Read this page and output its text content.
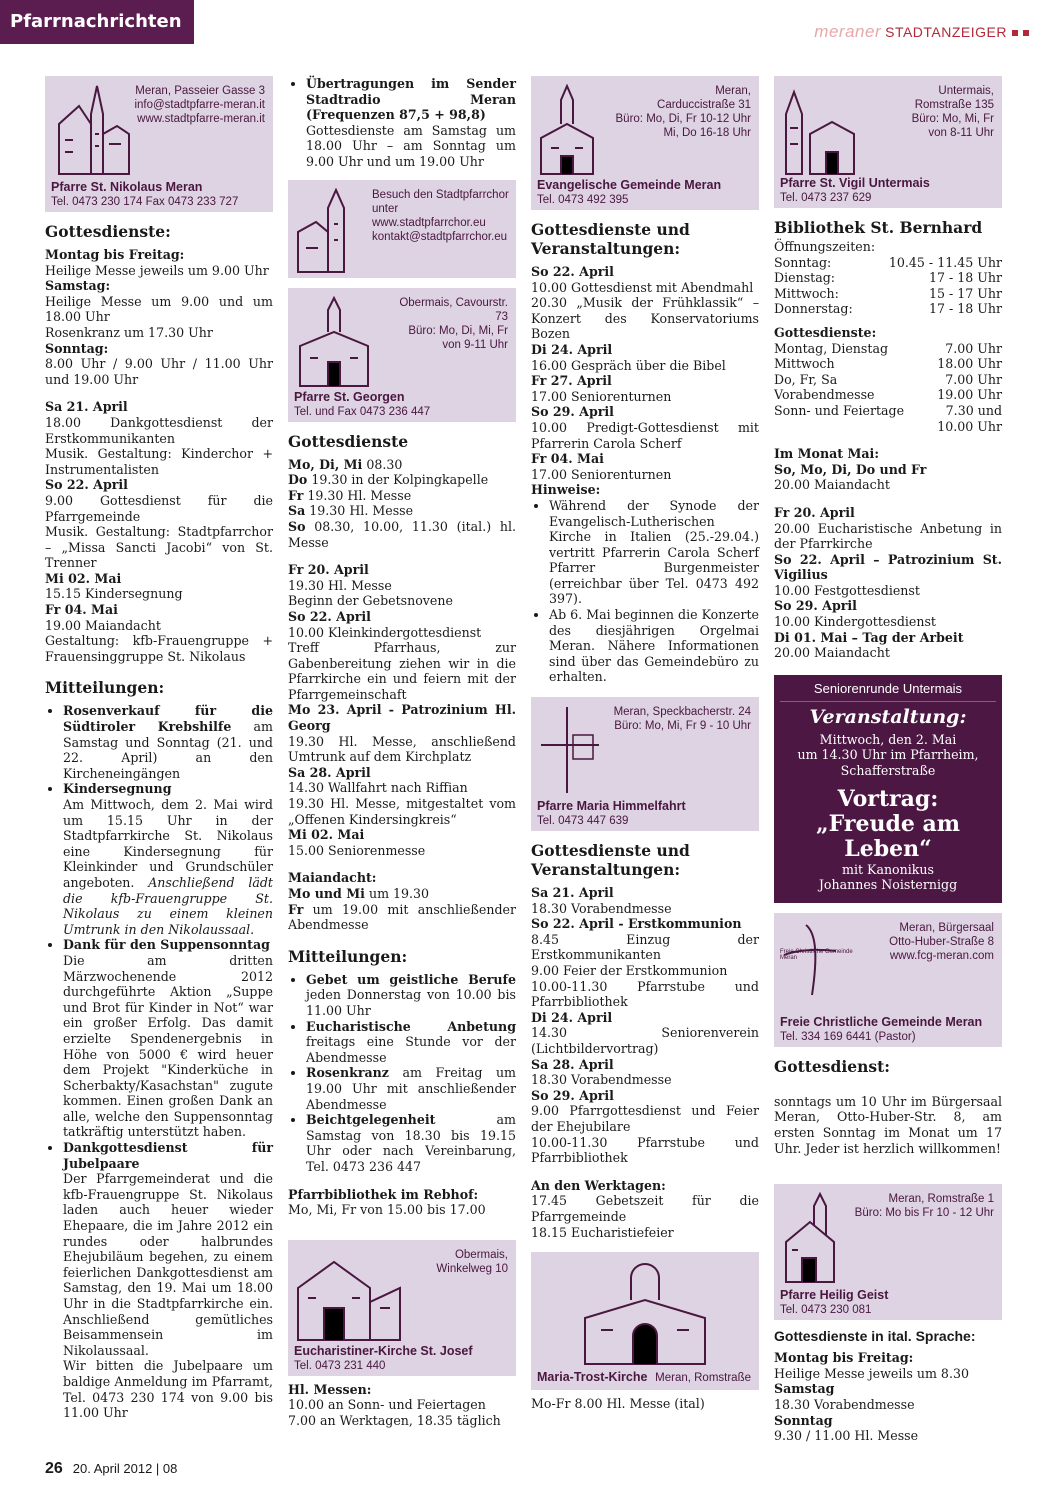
Pfarrnachrichten	meraner STADTANZEIGER
Meran, Passeier Gasse 3
info@stadtpfarre-meran.it
www.stadtpfarre-meran.it
Pfarre St. Nikolaus Meran
Tel. 0473 230 174 Fax 0473 233 727
Gottesdienste:

Montag bis Freitag:

Heilige Messe jeweils um 9.00 Uhr

Samstag:

Heilige Messe um 9.00 und um 18.00 Uhr

Rosenkranz um 17.30 Uhr

Sonntag:

8.00 Uhr / 9.00 Uhr / 11.00 Uhr und 19.00 Uhr

Sa 21. April

18.00 Dankgottesdienst der Erstkommunikanten

Musik. Gestaltung: Kinderchor + Instrumentalisten

So 22. April

9.00 Gottesdienst für die Pfarrgemeinde

Musik. Gestaltung: Stadtpfarrchor – „Missa Sancti Jacobi“ von St. Trenner

Mi 02. Mai

15.15 Kindersegnung

Fr 04. Mai

19.00 Maiandacht

Gestaltung: kfb-Frauengruppe + Frauensinggruppe St. Nikolaus

Mitteilungen:
• Rosenverkauf für die Südtiroler Krebshilfe am Samstag und Sonntag (21. und 22. April) an den Kircheneingängen
• Kindersegnung
Am Mittwoch, dem 2. Mai wird um 15.15 Uhr in der Stadtpfarrkirche St. Nikolaus eine Kindersegnung für Kleinkinder und Grundschüler angeboten. Anschließend lädt die kfb-Frauengruppe St. Nikolaus zu einem kleinen Umtrunk in den Nikolaussaal.
• Dank für den Suppensonntag
Die am dritten Märzwochenende 2012 durchgeführte Aktion „Suppe und Brot für Kinder in Not“ war ein großer Erfolg. Das damit erzielte Spendenergebnis in Höhe von 5000 € wird heuer dem Projekt "Kinderküche in Scherbakty/Kasachstan" zugute kommen. Einen großen Dank an alle, welche den Suppensonntag tatkräftig unterstützt haben.
• Dankgottesdienst für Jubelpaare
Der Pfarrgemeinderat und die kfb-Frauengruppe St. Nikolaus laden auch heuer wieder Ehepaare, die im Jahre 2012 ein rundes oder halbrundes Ehejubiläum begehen, zu einem feierlichen Dankgottesdienst am Samstag, den 19. Mai um 18.00 Uhr in die Stadtpfarrkirche ein. Anschließend gemütliches Beisammensein im Nikolaussaal.
Wir bitten die Jubelpaare um baldige Anmeldung im Pfarramt, Tel. 0473 230 174 von 9.00 bis 11.00 Uhr
• Übertragungen im Sender Stadtradio Meran (Frequenzen 87,5 + 98,8)
Gottesdienste am Samstag um 18.00 Uhr – am Sonntag um 9.00 Uhr und um 19.00 Uhr
Besuch den Stadtpfarrchor
unter
www.stadtpfarrchor.eu
kontakt@stadtpfarrchor.eu
Obermais, Cavourstr.
73
Büro: Mo, Di, Mi, Fr
von 9-11 Uhr
Pfarre St. Georgen
Tel. und Fax 0473 236 447
Gottesdienste

Mo, Di, Mi 08.30

Do 19.30 in der Kolpingkapelle

Fr 19.30 Hl. Messe

Sa 19.30 Hl. Messe

So 08.30, 10.00, 11.30 (ital.) hl. Messe

Fr 20. April

19.30 Hl. Messe

Beginn der Gebetsnovene

So 22. April

10.00 Kleinkindergottesdienst

Treff Pfarrhaus, zur Gabenbereitung ziehen wir in die Pfarrkirche ein und feiern mit der Pfarrgemeinschaft

Mo 23. April - Patrozinium Hl. Georg

19.30 Hl. Messe, anschließend Umtrunk auf dem Kirchplatz

Sa 28. April

14.30 Wallfahrt nach Riffian

19.30 Hl. Messe, mitgestaltet vom „Offenen Kindersingkreis“

Mi 02. Mai

15.00 Seniorenmesse

Maiandacht:

Mo und Mi um 19.30

Fr um 19.00 mit anschließender Abendmesse

Mitteilungen:
• Gebet um geistliche Berufe jeden Donnerstag von 10.00 bis 11.00 Uhr
• Eucharistische Anbetung freitags eine Stunde vor der Abendmesse
• Rosenkranz am Freitag um 19.00 Uhr mit anschließender Abendmesse
• Beichtgelegenheit am Samstag von 18.30 bis 19.15 Uhr oder nach Vereinbarung, Tel. 0473 236 447

Pfarrbibliothek im Rebhof:

Mo, Mi, Fr von 15.00 bis 17.00

Obermais,
Winkelweg 10
Eucharistiner-Kirche St. Josef
Tel. 0473 231 440

Hl. Messen:

10.00 an Sonn- und Feiertagen

7.00 an Werktagen, 18.35 täglich

Meran,
Carduccistraße 31
Büro: Mo, Di, Fr 10-12 Uhr
Mi, Do 16-18 Uhr
Evangelische Gemeinde Meran
Tel. 0473 492 395
Gottesdienste und Veranstaltungen:

So 22. April

10.00 Gottesdienst mit Abendmahl

20.30 „Musik der Frühklassik“ – Konzert des Konservatoriums Bozen

Di 24. April

16.00 Gespräch über die Bibel

Fr 27. April

17.00 Seniorenturnen

So 29. April

10.00 Predigt-Gottesdienst mit Pfarrerin Carola Scherf

Fr 04. Mai

17.00 Seniorenturnen

Hinweise:

• Während der Synode der Evangelisch-Lutherischen Kirche in Italien (25.-29.04.) vertritt Pfarrerin Carola Scherf Pfarrer Burgenmeister (erreichbar über Tel. 0473 492 397).
• Ab 6. Mai beginnen die Konzerte des diesjährigen Orgelmai Meran. Nähere Informationen sind über das Gemeindebüro zu erhalten.
Meran, Speckbacherstr. 24
Büro: Mo, Mi, Fr 9 - 10 Uhr
Pfarre Maria Himmelfahrt
Tel. 0473 447 639
Gottesdienste und Veranstaltungen:

Sa 21. April

18.30 Vorabendmesse

So 22. April - Erstkommunion

8.45 Einzug der Erstkommunikanten

9.00 Feier der Erstkommunion

10.00-11.30 Pfarrstube und Pfarrbibliothek

Di 24. April

14.30 Seniorenverein (Lichtbildervortrag)

Sa 28. April

18.30 Vorabendmesse

So 29. April

9.00 Pfarrgottesdienst und Feier der Ehejubilare

10.00-11.30 Pfarrstube und Pfarrbibliothek

An den Werktagen:

17.45 Gebetszeit für die Pfarrgemeinde

18.15 Eucharistiefeier

Maria-Trost-Kirche Meran, Romstraße

Mo-Fr 8.00 Hl. Messe (ital)

Untermais,
Romstraße 135
Büro: Mo, Mi, Fr
von 8-11 Uhr
Pfarre St. Vigil Untermais
Tel. 0473 237 629
Bibliothek St. Bernhard

Öffnungszeiten:

Sonntag:	10.45 - 11.45 Uhr
Dienstag:	17 - 18 Uhr
Mittwoch:	15 - 17 Uhr
Donnerstag:	17 - 18 Uhr

Gottesdienste:

Montag, Dienstag	7.00 Uhr
Mittwoch	18.00 Uhr
Do, Fr, Sa	7.00 Uhr
Vorabendmesse	19.00 Uhr
Sonn- und Feiertage	7.30 und
10.00 Uhr

Im Monat Mai:

So, Mo, Di, Do und Fr

20.00 Maiandacht

Fr 20. April

20.00 Eucharistische Anbetung in der Pfarrkirche

So 22. April – Patrozinium St. Vigilius

10.00 Festgottesdienst

So 29. April

10.00 Kindergottesdienst

Di 01. Mai – Tag der Arbeit

20.00 Maiandacht

Seniorenrunde Untermais
Veranstaltung:
Mittwoch, den 2. Mai
um 14.30 Uhr im Pfarrheim,
Schafferstraße
Vortrag:
„Freude am Leben“
mit Kanonikus
Johannes Noisternigg
Freie Christliche Gemeinde Meran
Meran, Bürgersaal
Otto-Huber-Straße 8
www.fcg-meran.com
Freie Christliche Gemeinde Meran
Tel. 334 169 6441 (Pastor)
Gottesdienst:

sonntags um 10 Uhr im Bürgersaal Meran, Otto-Huber-Str. 8, am ersten Sonntag im Monat um 17 Uhr. Jeder ist herzlich willkommen!

Meran, Romstraße 1
Büro: Mo bis Fr 10 - 12 Uhr
Pfarre Heilig Geist
Tel. 0473 230 081
Gottesdienste in ital. Sprache:

Montag bis Freitag:

Heilige Messe jeweils um 8.30

Samstag

18.30 Vorabendmesse

Sonntag

9.30 / 11.00 Hl. Messe

26 20. April 2012 | 08
